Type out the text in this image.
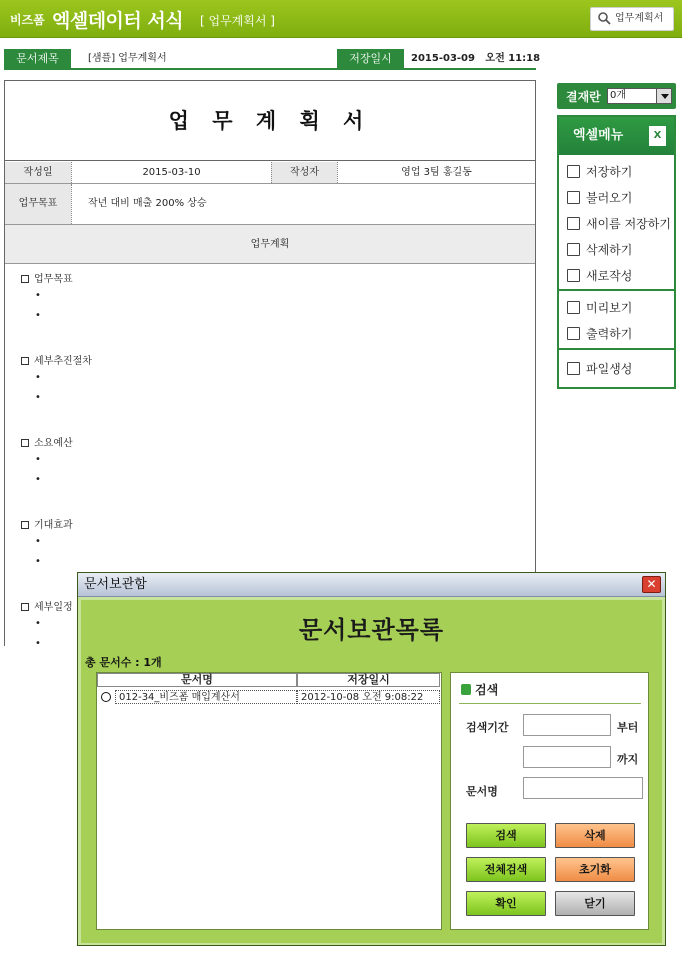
비즈폼 엑셀데이터 서식 [ 업무계획서 ]	업무계획서
문서제목	[샘플] 업무계획서	저장일시	2015-03-09   오전 11:18
업 무 계 획 서
작성일	2015-03-10	작성자	영업 3팀 홍길동
업무목표	작년 대비 매출 200% 상승
업무계획
업무목표
•
•
세부추진절차
•
•
소요예산
•
•
기대효과
•
•
세부일정
•
•
결재란 0개
엑셀메뉴	X
저장하기
불러오기
새이름 저장하기
삭제하기
새로작성
미리보기
출력하기
파일생성
문서보관함	✕
문서보관목록
총 문서수 : 1개
문서명	저장일시
012-34_비즈폼 매입계산서	2012-10-08 오전 9:08:22
검색
검색기간	부터
까지
문서명
검색	삭제
전체검색	초기화
확인	닫기
